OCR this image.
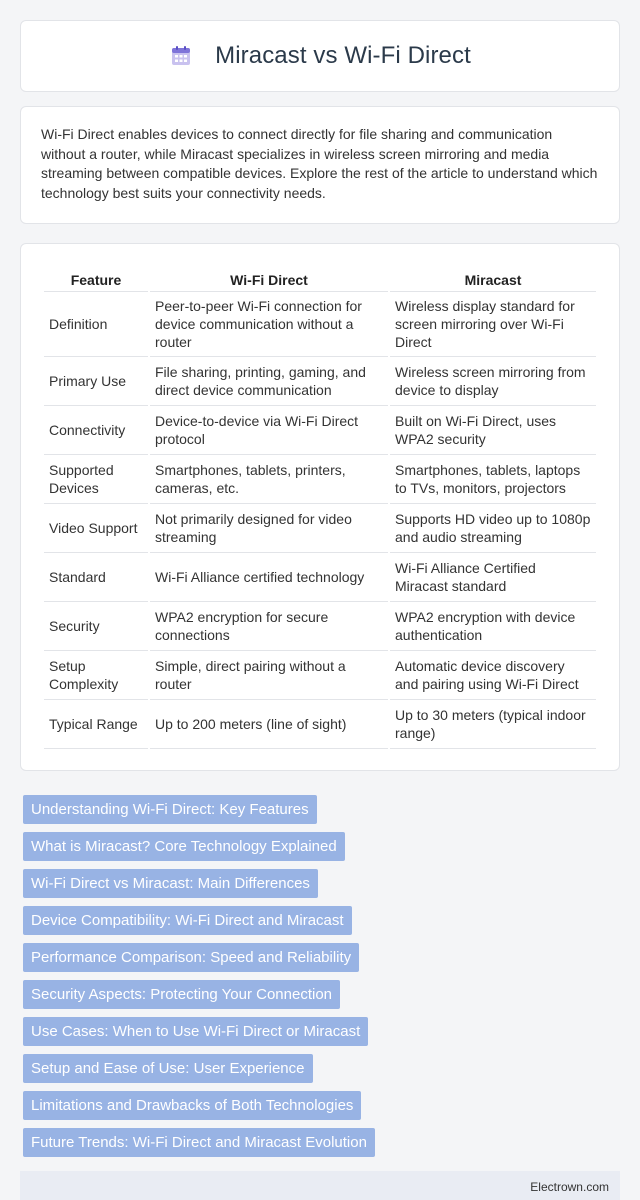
Miracast vs Wi-Fi Direct

Wi-Fi Direct enables devices to connect directly for file sharing and communication without a router, while Miracast specializes in wireless screen mirroring and media streaming between compatible devices. Explore the rest of the article to understand which technology best suits your connectivity needs.

Feature	Wi-Fi Direct	Miracast
Definition	Peer-to-peer Wi-Fi connection for device communication without a router	Wireless display standard for screen mirroring over Wi-Fi Direct
Primary Use	File sharing, printing, gaming, and direct device communication	Wireless screen mirroring from device to display
Connectivity	Device-to-device via Wi-Fi Direct protocol	Built on Wi-Fi Direct, uses WPA2 security
Supported Devices	Smartphones, tablets, printers, cameras, etc.	Smartphones, tablets, laptops to TVs, monitors, projectors
Video Support	Not primarily designed for video streaming	Supports HD video up to 1080p and audio streaming
Standard	Wi-Fi Alliance certified technology	Wi-Fi Alliance Certified Miracast standard
Security	WPA2 encryption for secure connections	WPA2 encryption with device authentication
Setup Complexity	Simple, direct pairing without a router	Automatic device discovery and pairing using Wi-Fi Direct
Typical Range	Up to 200 meters (line of sight)	Up to 30 meters (typical indoor range)
Understanding Wi-Fi Direct: Key Features
What is Miracast? Core Technology Explained
Wi-Fi Direct vs Miracast: Main Differences
Device Compatibility: Wi-Fi Direct and Miracast
Performance Comparison: Speed and Reliability
Security Aspects: Protecting Your Connection
Use Cases: When to Use Wi-Fi Direct or Miracast
Setup and Ease of Use: User Experience
Limitations and Drawbacks of Both Technologies
Future Trends: Wi-Fi Direct and Miracast Evolution
Electrown.com
